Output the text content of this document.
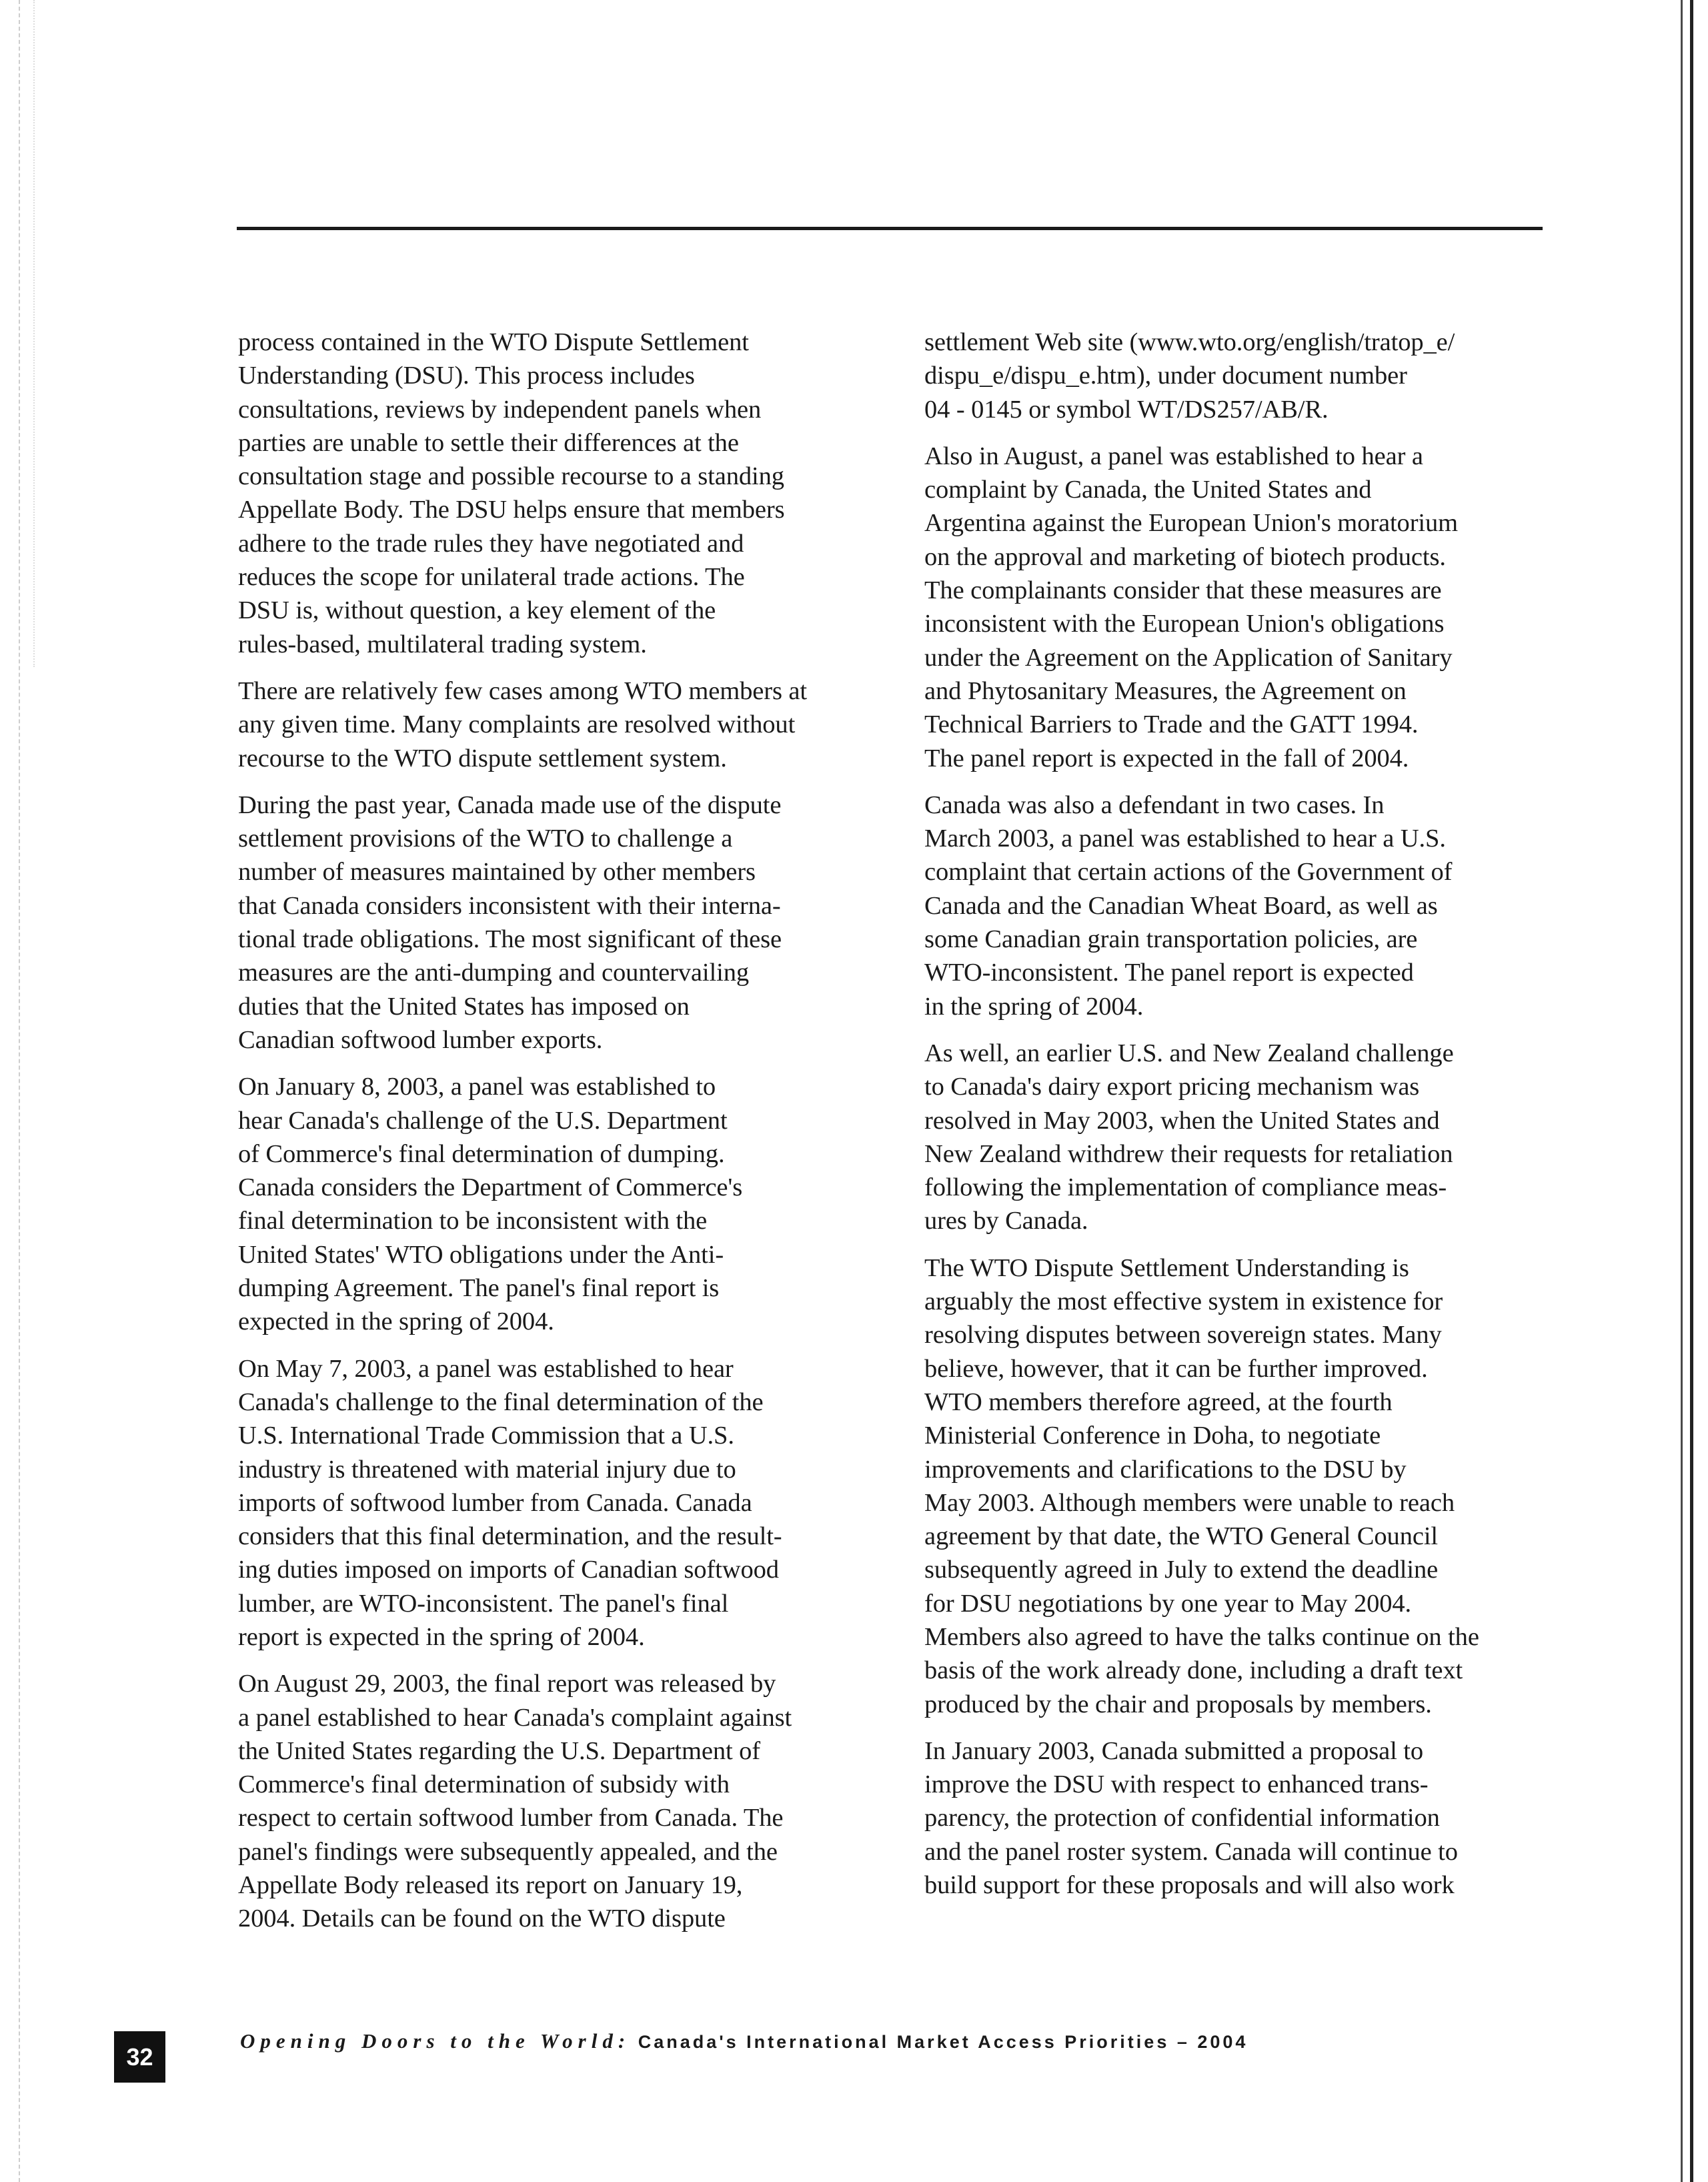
process contained in the WTO Dispute Settlement
Understanding (DSU). This process includes
consultations, reviews by independent panels when
parties are unable to settle their differences at the
consultation stage and possible recourse to a standing
Appellate Body. The DSU helps ensure that members
adhere to the trade rules they have negotiated and
reduces the scope for unilateral trade actions. The
DSU is, without question, a key element of the
rules-based, multilateral trading system.

There are relatively few cases among WTO members at
any given time. Many complaints are resolved without
recourse to the WTO dispute settlement system.

During the past year, Canada made use of the dispute
settlement provisions of the WTO to challenge a
number of measures maintained by other members
that Canada considers inconsistent with their interna-
tional trade obligations. The most significant of these
measures are the anti-dumping and countervailing
duties that the United States has imposed on
Canadian softwood lumber exports.

On January 8, 2003, a panel was established to
hear Canada's challenge of the U.S. Department
of Commerce's final determination of dumping.
Canada considers the Department of Commerce's
final determination to be inconsistent with the
United States' WTO obligations under the Anti-
dumping Agreement. The panel's final report is
expected in the spring of 2004.

On May 7, 2003, a panel was established to hear
Canada's challenge to the final determination of the
U.S. International Trade Commission that a U.S.
industry is threatened with material injury due to
imports of softwood lumber from Canada. Canada
considers that this final determination, and the result-
ing duties imposed on imports of Canadian softwood
lumber, are WTO-inconsistent. The panel's final
report is expected in the spring of 2004.

On August 29, 2003, the final report was released by
a panel established to hear Canada's complaint against
the United States regarding the U.S. Department of
Commerce's final determination of subsidy with
respect to certain softwood lumber from Canada. The
panel's findings were subsequently appealed, and the
Appellate Body released its report on January 19,
2004. Details can be found on the WTO dispute

settlement Web site (www.wto.org/english/tratop_e/
dispu_e/dispu_e.htm), under document number
04 - 0145 or symbol WT/DS257/AB/R.

Also in August, a panel was established to hear a
complaint by Canada, the United States and
Argentina against the European Union's moratorium
on the approval and marketing of biotech products.
The complainants consider that these measures are
inconsistent with the European Union's obligations
under the Agreement on the Application of Sanitary
and Phytosanitary Measures, the Agreement on
Technical Barriers to Trade and the GATT 1994.
The panel report is expected in the fall of 2004.

Canada was also a defendant in two cases. In
March 2003, a panel was established to hear a U.S.
complaint that certain actions of the Government of
Canada and the Canadian Wheat Board, as well as
some Canadian grain transportation policies, are
WTO-inconsistent. The panel report is expected
in the spring of 2004.

As well, an earlier U.S. and New Zealand challenge
to Canada's dairy export pricing mechanism was
resolved in May 2003, when the United States and
New Zealand withdrew their requests for retaliation
following the implementation of compliance meas-
ures by Canada.

The WTO Dispute Settlement Understanding is
arguably the most effective system in existence for
resolving disputes between sovereign states. Many
believe, however, that it can be further improved.
WTO members therefore agreed, at the fourth
Ministerial Conference in Doha, to negotiate
improvements and clarifications to the DSU by
May 2003. Although members were unable to reach
agreement by that date, the WTO General Council
subsequently agreed in July to extend the deadline
for DSU negotiations by one year to May 2004.
Members also agreed to have the talks continue on the
basis of the work already done, including a draft text
produced by the chair and proposals by members.

In January 2003, Canada submitted a proposal to
improve the DSU with respect to enhanced trans-
parency, the protection of confidential information
and the panel roster system. Canada will continue to
build support for these proposals and will also work

32
Opening Doors to the World: Canada's International Market Access Priorities – 2004
